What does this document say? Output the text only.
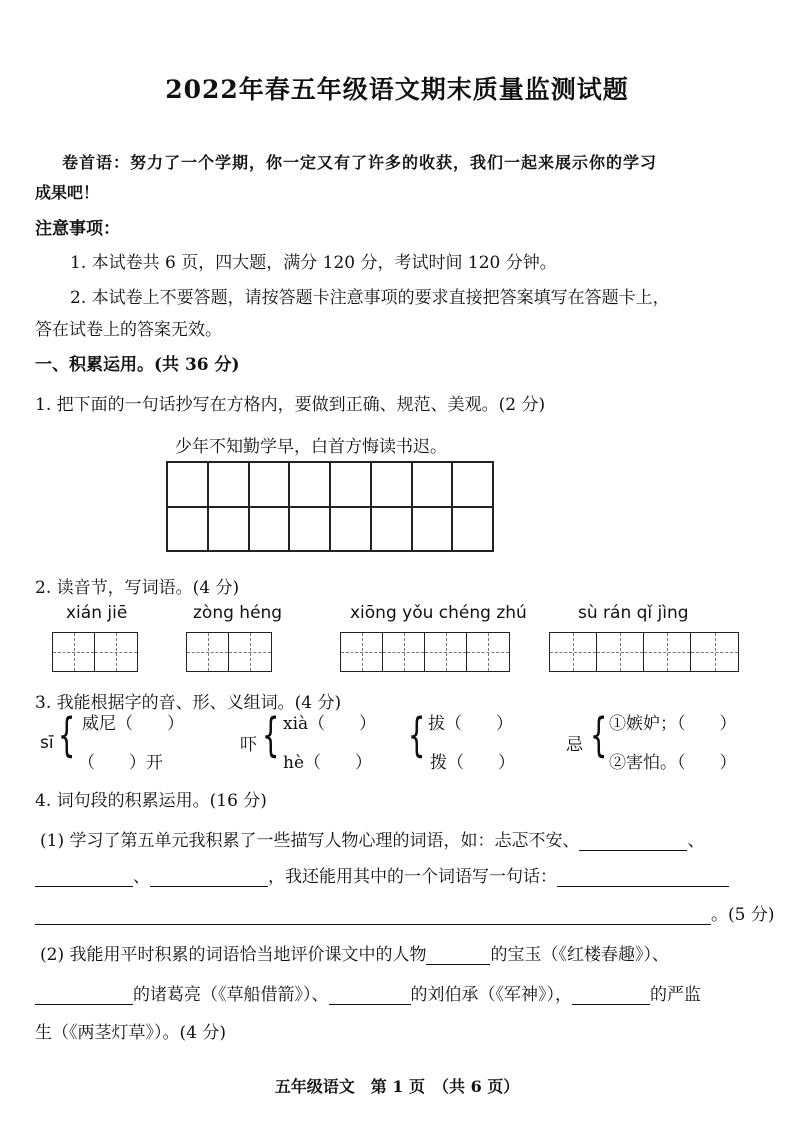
2022年春五年级语文期末质量监测试题
卷首语：努力了一个学期，你一定又有了许多的收获，我们一起来展示你的学习
成果吧！
注意事项：
1. 本试卷共 6 页，四大题，满分 120 分，考试时间 120 分钟。
2. 本试卷上不要答题，请按答题卡注意事项的要求直接把答案填写在答题卡上，
答在试卷上的答案无效。
一、积累运用。(共 36 分)
1. 把下面的一句话抄写在方格内，要做到正确、规范、美观。(2 分)
少年不知勤学早，白首方悔读书迟。
2. 读音节，写词语。(4 分)
xián jiē	zòng héng	xiōng yǒu chéng zhú	sù rán qǐ jìng
3. 我能根据字的音、形、义组词。(4 分)
sī { 威尼（　　）
（　　）开
吓 { xià（　　）
hè（　　）
{ 拔（　　）
拨（　　）
忌 { ①嫉妒；（　　）
②害怕。（　　）
4. 词句段的积累运用。(16 分)
(1) 学习了第五单元我积累了一些描写人物心理的词语，如：忐忑不安、	、
、	，我还能用其中的一个词语写一句话：
。(5 分)
(2) 我能用平时积累的词语恰当地评价课文中的人物	的宝玉（《红楼春趣》）、
的诸葛亮（《草船借箭》）、	的刘伯承（《军神》），	的严监
生（《两茎灯草》）。(4 分)
五年级语文　第 1 页　（共 6 页）
